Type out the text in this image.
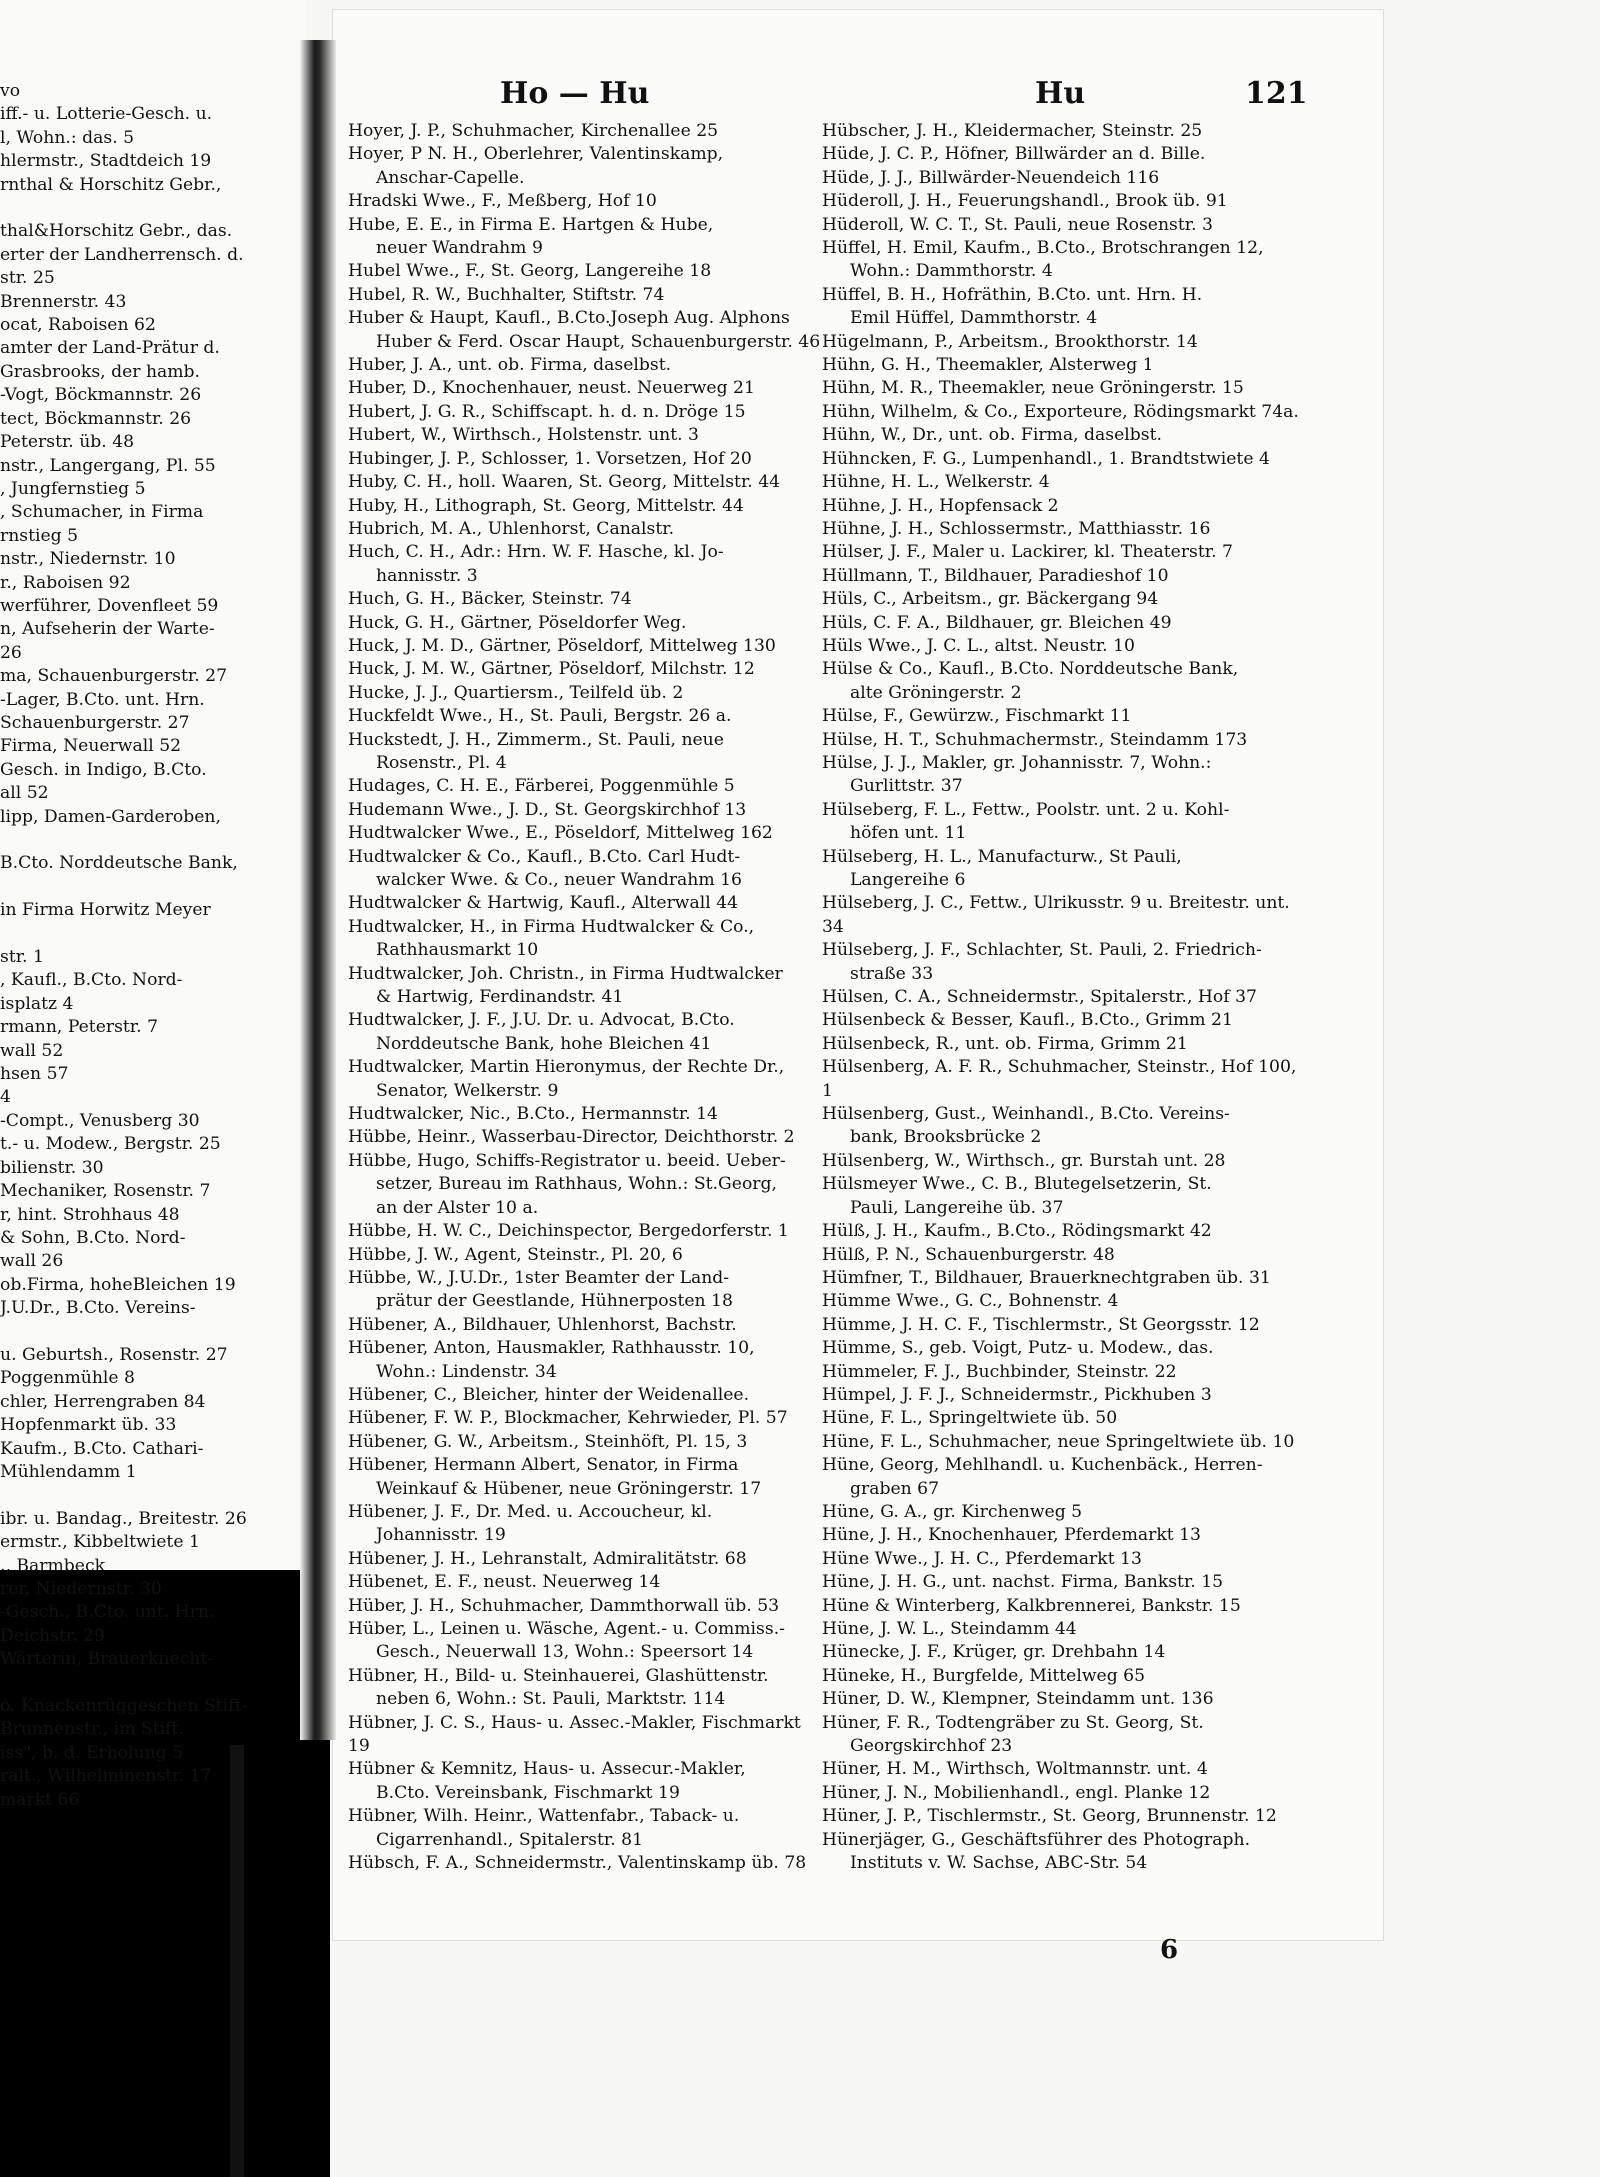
Ho — Hu	Hu	121
vo
iff.- u. Lotterie-Gesch. u.
l, Wohn.: das. 5
hlermstr., Stadtdeich 19
rnthal & Horschitz Gebr.,

thal&Horschitz Gebr., das.
erter der Landherrensch. d.
str. 25
Brennerstr. 43
ocat, Raboisen 62
amter der Land-Prätur d.
Grasbrooks, der hamb.
-Vogt, Böckmannstr. 26
tect, Böckmannstr. 26
Peterstr. üb. 48
nstr., Langergang, Pl. 55
, Jungfernstieg 5
, Schumacher, in Firma
rnstieg 5
nstr., Niedernstr. 10
r., Raboisen 92
werführer, Dovenfleet 59
n, Aufseherin der Warte-
26
ma, Schauenburgerstr. 27
-Lager, B.Cto. unt. Hrn.
Schauenburgerstr. 27
Firma, Neuerwall 52
Gesch. in Indigo, B.Cto.
all 52
lipp, Damen-Garderoben,

B.Cto. Norddeutsche Bank,

in Firma Horwitz Meyer

str. 1
, Kaufl., B.Cto. Nord-
isplatz 4
rmann, Peterstr. 7
wall 52
hsen 57
4
-Compt., Venusberg 30
t.- u. Modew., Bergstr. 25
bilienstr. 30
Mechaniker, Rosenstr. 7
r, hint. Strohhaus 48
& Sohn, B.Cto. Nord-
wall 26
ob.Firma, hoheBleichen 19
J.U.Dr., B.Cto. Vereins-

u. Geburtsh., Rosenstr. 27
Poggenmühle 8
chler, Herrengraben 84
Hopfenmarkt üb. 33
Kaufm., B.Cto. Cathari-
Mühlendamm 1

ibr. u. Bandag., Breitestr. 26
ermstr., Kibbeltwiete 1
., Barmbeck
rer, Niedernstr. 30
-Gesch., B.Cto. unt. Hrn.
Deichstr. 29
Wärterin, Brauerknecht-

o. Knackenrüggeschen Stift-
Brunnenstr., im Stift.
iss", b. d. Erholung 5
ralt., Wilhelminenstr. 17
markt 66
Hoyer, J. P., Schuhmacher, Kirchenallee 25
Hoyer, P N. H., Oberlehrer, Valentinskamp,
Anschar-Capelle.
Hradski Wwe., F., Meßberg, Hof 10
Hube, E. E., in Firma E. Hartgen & Hube,
neuer Wandrahm 9
Hubel Wwe., F., St. Georg, Langereihe 18
Hubel, R. W., Buchhalter, Stiftstr. 74
Huber & Haupt, Kaufl., B.Cto.Joseph Aug. Alphons
Huber & Ferd. Oscar Haupt, Schauenburgerstr. 46
Huber, J. A., unt. ob. Firma, daselbst.
Huber, D., Knochenhauer, neust. Neuerweg 21
Hubert, J. G. R., Schiffscapt. h. d. n. Dröge 15
Hubert, W., Wirthsch., Holstenstr. unt. 3
Hubinger, J. P., Schlosser, 1. Vorsetzen, Hof 20
Huby, C. H., holl. Waaren, St. Georg, Mittelstr. 44
Huby, H., Lithograph, St. Georg, Mittelstr. 44
Hubrich, M. A., Uhlenhorst, Canalstr.
Huch, C. H., Adr.: Hrn. W. F. Hasche, kl. Jo-
hannisstr. 3
Huch, G. H., Bäcker, Steinstr. 74
Huck, G. H., Gärtner, Pöseldorfer Weg.
Huck, J. M. D., Gärtner, Pöseldorf, Mittelweg 130
Huck, J. M. W., Gärtner, Pöseldorf, Milchstr. 12
Hucke, J. J., Quartiersm., Teilfeld üb. 2
Huckfeldt Wwe., H., St. Pauli, Bergstr. 26 a.
Huckstedt, J. H., Zimmerm., St. Pauli, neue
Rosenstr., Pl. 4
Hudages, C. H. E., Färberei, Poggenmühle 5
Hudemann Wwe., J. D., St. Georgskirchhof 13
Hudtwalcker Wwe., E., Pöseldorf, Mittelweg 162
Hudtwalcker & Co., Kaufl., B.Cto. Carl Hudt-
walcker Wwe. & Co., neuer Wandrahm 16
Hudtwalcker & Hartwig, Kaufl., Alterwall 44
Hudtwalcker, H., in Firma Hudtwalcker & Co.,
Rathhausmarkt 10
Hudtwalcker, Joh. Christn., in Firma Hudtwalcker
& Hartwig, Ferdinandstr. 41
Hudtwalcker, J. F., J.U. Dr. u. Advocat, B.Cto.
Norddeutsche Bank, hohe Bleichen 41
Hudtwalcker, Martin Hieronymus, der Rechte Dr.,
Senator, Welkerstr. 9
Hudtwalcker, Nic., B.Cto., Hermannstr. 14
Hübbe, Heinr., Wasserbau-Director, Deichthorstr. 2
Hübbe, Hugo, Schiffs-Registrator u. beeid. Ueber-
setzer, Bureau im Rathhaus, Wohn.: St.Georg,
an der Alster 10 a.
Hübbe, H. W. C., Deichinspector, Bergedorferstr. 1
Hübbe, J. W., Agent, Steinstr., Pl. 20, 6
Hübbe, W., J.U.Dr., 1ster Beamter der Land-
prätur der Geestlande, Hühnerposten 18
Hübener, A., Bildhauer, Uhlenhorst, Bachstr.
Hübener, Anton, Hausmakler, Rathhausstr. 10,
Wohn.: Lindenstr. 34
Hübener, C., Bleicher, hinter der Weidenallee.
Hübener, F. W. P., Blockmacher, Kehrwieder, Pl. 57
Hübener, G. W., Arbeitsm., Steinhöft, Pl. 15, 3
Hübener, Hermann Albert, Senator, in Firma
Weinkauf & Hübener, neue Gröningerstr. 17
Hübener, J. F., Dr. Med. u. Accoucheur, kl.
Johannisstr. 19
Hübener, J. H., Lehranstalt, Admiralitätstr. 68
Hübenet, E. F., neust. Neuerweg 14
Hüber, J. H., Schuhmacher, Dammthorwall üb. 53
Hüber, L., Leinen u. Wäsche, Agent.- u. Commiss.-
Gesch., Neuerwall 13, Wohn.: Speersort 14
Hübner, H., Bild- u. Steinhauerei, Glashüttenstr.
neben 6, Wohn.: St. Pauli, Marktstr. 114
Hübner, J. C. S., Haus- u. Assec.-Makler, Fischmarkt 19
Hübner & Kemnitz, Haus- u. Assecur.-Makler,
B.Cto. Vereinsbank, Fischmarkt 19
Hübner, Wilh. Heinr., Wattenfabr., Taback- u.
Cigarrenhandl., Spitalerstr. 81
Hübsch, F. A., Schneidermstr., Valentinskamp üb. 78
Hübscher, J. H., Kleidermacher, Steinstr. 25
Hüde, J. C. P., Höfner, Billwärder an d. Bille.
Hüde, J. J., Billwärder-Neuendeich 116
Hüderoll, J. H., Feuerungshandl., Brook üb. 91
Hüderoll, W. C. T., St. Pauli, neue Rosenstr. 3
Hüffel, H. Emil, Kaufm., B.Cto., Brotschrangen 12,
Wohn.: Dammthorstr. 4
Hüffel, B. H., Hofräthin, B.Cto. unt. Hrn. H.
Emil Hüffel, Dammthorstr. 4
Hügelmann, P., Arbeitsm., Brookthorstr. 14
Hühn, G. H., Theemakler, Alsterweg 1
Hühn, M. R., Theemakler, neue Gröningerstr. 15
Hühn, Wilhelm, & Co., Exporteure, Rödingsmarkt 74a.
Hühn, W., Dr., unt. ob. Firma, daselbst.
Hühncken, F. G., Lumpenhandl., 1. Brandtstwiete 4
Hühne, H. L., Welkerstr. 4
Hühne, J. H., Hopfensack 2
Hühne, J. H., Schlossermstr., Matthiasstr. 16
Hülser, J. F., Maler u. Lackirer, kl. Theaterstr. 7
Hüllmann, T., Bildhauer, Paradieshof 10
Hüls, C., Arbeitsm., gr. Bäckergang 94
Hüls, C. F. A., Bildhauer, gr. Bleichen 49
Hüls Wwe., J. C. L., altst. Neustr. 10
Hülse & Co., Kaufl., B.Cto. Norddeutsche Bank,
alte Gröningerstr. 2
Hülse, F., Gewürzw., Fischmarkt 11
Hülse, H. T., Schuhmachermstr., Steindamm 173
Hülse, J. J., Makler, gr. Johannisstr. 7, Wohn.:
Gurlittstr. 37
Hülseberg, F. L., Fettw., Poolstr. unt. 2 u. Kohl-
höfen unt. 11
Hülseberg, H. L., Manufacturw., St Pauli,
Langereihe 6
Hülseberg, J. C., Fettw., Ulrikusstr. 9 u. Breitestr. unt. 34
Hülseberg, J. F., Schlachter, St. Pauli, 2. Friedrich-
straße 33
Hülsen, C. A., Schneidermstr., Spitalerstr., Hof 37
Hülsenbeck & Besser, Kaufl., B.Cto., Grimm 21
Hülsenbeck, R., unt. ob. Firma, Grimm 21
Hülsenberg, A. F. R., Schuhmacher, Steinstr., Hof 100, 1
Hülsenberg, Gust., Weinhandl., B.Cto. Vereins-
bank, Brooksbrücke 2
Hülsenberg, W., Wirthsch., gr. Burstah unt. 28
Hülsmeyer Wwe., C. B., Blutegelsetzerin, St.
Pauli, Langereihe üb. 37
Hülß, J. H., Kaufm., B.Cto., Rödingsmarkt 42
Hülß, P. N., Schauenburgerstr. 48
Hümfner, T., Bildhauer, Brauerknechtgraben üb. 31
Hümme Wwe., G. C., Bohnenstr. 4
Hümme, J. H. C. F., Tischlermstr., St Georgsstr. 12
Hümme, S., geb. Voigt, Putz- u. Modew., das.
Hümmeler, F. J., Buchbinder, Steinstr. 22
Hümpel, J. F. J., Schneidermstr., Pickhuben 3
Hüne, F. L., Springeltwiete üb. 50
Hüne, F. L., Schuhmacher, neue Springeltwiete üb. 10
Hüne, Georg, Mehlhandl. u. Kuchenbäck., Herren-
graben 67
Hüne, G. A., gr. Kirchenweg 5
Hüne, J. H., Knochenhauer, Pferdemarkt 13
Hüne Wwe., J. H. C., Pferdemarkt 13
Hüne, J. H. G., unt. nachst. Firma, Bankstr. 15
Hüne & Winterberg, Kalkbrennerei, Bankstr. 15
Hüne, J. W. L., Steindamm 44
Hünecke, J. F., Krüger, gr. Drehbahn 14
Hüneke, H., Burgfelde, Mittelweg 65
Hüner, D. W., Klempner, Steindamm unt. 136
Hüner, F. R., Todtengräber zu St. Georg, St.
Georgskirchhof 23
Hüner, H. M., Wirthsch, Woltmannstr. unt. 4
Hüner, J. N., Mobilienhandl., engl. Planke 12
Hüner, J. P., Tischlermstr., St. Georg, Brunnenstr. 12
Hünerjäger, G., Geschäftsführer des Photograph.
Instituts v. W. Sachse, ABC-Str. 54
6
